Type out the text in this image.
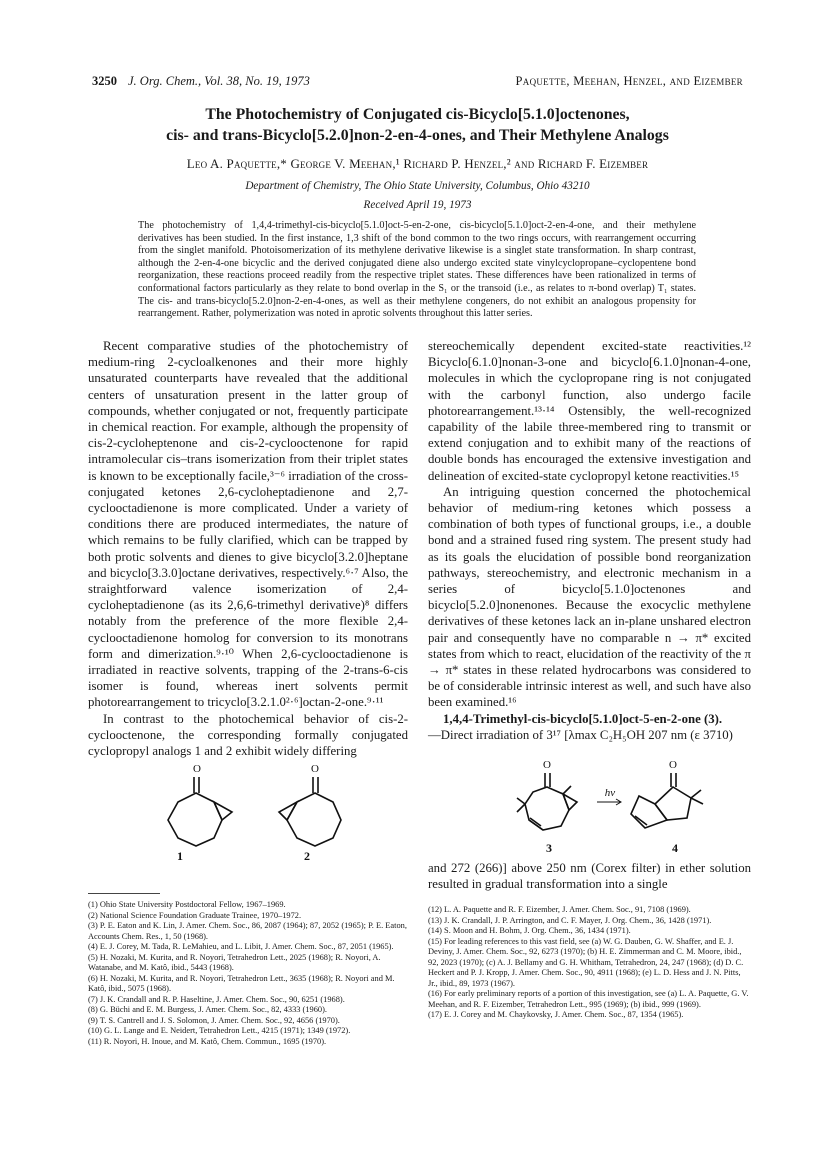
3250 J. Org. Chem., Vol. 38, No. 19, 1973	Paquette, Meehan, Henzel, and Eizember
The Photochemistry of Conjugated cis-Bicyclo[5.1.0]octenones,
cis- and trans-Bicyclo[5.2.0]non-2-en-4-ones, and Their Methylene Analogs
Leo A. Paquette,* George V. Meehan,¹ Richard P. Henzel,² and Richard F. Eizember
Department of Chemistry, The Ohio State University, Columbus, Ohio 43210
Received April 19, 1973
The photochemistry of 1,4,4-trimethyl-cis-bicyclo[5.1.0]oct-5-en-2-one, cis-bicyclo[5.1.0]oct-2-en-4-one, and their methylene derivatives has been studied. In the first instance, 1,3 shift of the bond common to the two rings occurs, with rearrangement occurring from the singlet manifold. Photoisomerization of its methylene derivative likewise is a singlet state transformation. In sharp contrast, although the 2-en-4-one bicyclic and the derived conjugated diene also undergo excited state vinylcyclopropane–cyclopentene bond reorganization, these reactions proceed readily from the respective triplet states. These differences have been rationalized in terms of conformational factors particularly as they relate to bond overlap in the S₁ or the transoid (i.e., as relates to π-bond overlap) T₁ states. The cis- and trans-bicyclo[5.2.0]non-2-en-4-ones, as well as their methylene congeners, do not exhibit an analogous propensity for rearrangement. Rather, polymerization was noted in aprotic solvents throughout this latter series.

Recent comparative studies of the photochemistry of medium-ring 2-cycloalkenones and their more highly unsaturated counterparts have revealed that the additional centers of unsaturation present in the latter group of compounds, whether conjugated or not, frequently participate in chemical reaction. For example, although the propensity of cis-2-cycloheptenone and cis-2-cyclooctenone for rapid intramolecular cis–trans isomerization from their triplet states is known to be exceptionally facile,³⁻⁶ irradiation of the cross-conjugated ketones 2,6-cycloheptadienone and 2,7-cyclooctadienone is more complicated. Under a variety of conditions there are produced intermediates, the nature of which remains to be fully clarified, which can be trapped by both protic solvents and dienes to give bicyclo[3.2.0]heptane and bicyclo[3.3.0]octane derivatives, respectively.⁶·⁷ Also, the straightforward valence isomerization of 2,4-cycloheptadienone (as its 2,6,6-trimethyl derivative)⁸ differs notably from the preference of the more flexible 2,4-cyclooctadienone homolog for conversion to its monotrans form and dimerization.⁹·¹⁰ When 2,6-cyclooctadienone is irradiated in reactive solvents, trapping of the 2-trans-6-cis isomer is found, whereas inert solvents permit photorearrangement to tricyclo[3.2.1.0²·⁶]octan-2-one.⁹·¹¹

In contrast to the photochemical behavior of cis-2-cyclooctenone, the corresponding formally conjugated cyclopropyl analogs 1 and 2 exhibit widely differing

stereochemically dependent excited-state reactivities.¹² Bicyclo[6.1.0]nonan-3-one and bicyclo[6.1.0]nonan-4-one, molecules in which the cyclopropane ring is not conjugated with the carbonyl function, also undergo facile photorearrangement.¹³·¹⁴ Ostensibly, the well-recognized capability of the labile three-membered ring to transmit or extend conjugation and to exhibit many of the reactions of double bonds has encouraged the extensive investigation and delineation of excited-state cyclopropyl ketone reactivities.¹⁵

An intriguing question concerned the photochemical behavior of medium-ring ketones which possess a combination of both types of functional groups, i.e., a double bond and a strained fused ring system. The present study had as its goals the elucidation of possible bond reorganization pathways, stereochemistry, and electronic mechanism in a series of bicyclo[5.1.0]octenones and bicyclo[5.2.0]nonenones. Because the exocyclic methylene derivatives of these ketones lack an in-plane unshared electron pair and consequently have no comparable n → π* excited states from which to react, elucidation of the reactivity of the π → π* states in these related hydrocarbons was considered to be of considerable intrinsic interest as well, and such have also been examined.¹⁶

1,4,4-Trimethyl-cis-bicyclo[5.1.0]oct-5-en-2-one (3).

—Direct irradiation of 3¹⁷ [λmax C₂H₅OH 207 nm (ε 3710)

O
1
O
2
O
3
hν
O
4

and 272 (266)] above 250 nm (Corex filter) in ether solution resulted in gradual transformation into a single

(1) Ohio State University Postdoctoral Fellow, 1967–1969.
(2) National Science Foundation Graduate Trainee, 1970–1972.
(3) P. E. Eaton and K. Lin, J. Amer. Chem. Soc., 86, 2087 (1964); 87, 2052 (1965); P. E. Eaton, Accounts Chem. Res., 1, 50 (1968).
(4) E. J. Corey, M. Tada, R. LeMahieu, and L. Libit, J. Amer. Chem. Soc., 87, 2051 (1965).
(5) H. Nozaki, M. Kurita, and R. Noyori, Tetrahedron Lett., 2025 (1968); R. Noyori, A. Watanabe, and M. Katô, ibid., 5443 (1968).
(6) H. Nozaki, M. Kurita, and R. Noyori, Tetrahedron Lett., 3635 (1968); R. Noyori and M. Katô, ibid., 5075 (1968).
(7) J. K. Crandall and R. P. Haseltine, J. Amer. Chem. Soc., 90, 6251 (1968).
(8) G. Büchi and E. M. Burgess, J. Amer. Chem. Soc., 82, 4333 (1960).
(9) T. S. Cantrell and J. S. Solomon, J. Amer. Chem. Soc., 92, 4656 (1970).
(10) G. L. Lange and E. Neidert, Tetrahedron Lett., 4215 (1971); 1349 (1972).
(11) R. Noyori, H. Inoue, and M. Katô, Chem. Commun., 1695 (1970).
(12) L. A. Paquette and R. F. Eizember, J. Amer. Chem. Soc., 91, 7108 (1969).
(13) J. K. Crandall, J. P. Arrington, and C. F. Mayer, J. Org. Chem., 36, 1428 (1971).
(14) S. Moon and H. Bohm, J. Org. Chem., 36, 1434 (1971).
(15) For leading references to this vast field, see (a) W. G. Dauben, G. W. Shaffer, and E. J. Deviny, J. Amer. Chem. Soc., 92, 6273 (1970); (b) H. E. Zimmerman and C. M. Moore, ibid., 92, 2023 (1970); (c) A. J. Bellamy and G. H. Whitham, Tetrahedron, 24, 247 (1968); (d) D. C. Heckert and P. J. Kropp, J. Amer. Chem. Soc., 90, 4911 (1968); (e) L. D. Hess and J. N. Pitts, Jr., ibid., 89, 1973 (1967).
(16) For early preliminary reports of a portion of this investigation, see (a) L. A. Paquette, G. V. Meehan, and R. F. Eizember, Tetrahedron Lett., 995 (1969); (b) ibid., 999 (1969).
(17) E. J. Corey and M. Chaykovsky, J. Amer. Chem. Soc., 87, 1354 (1965).
